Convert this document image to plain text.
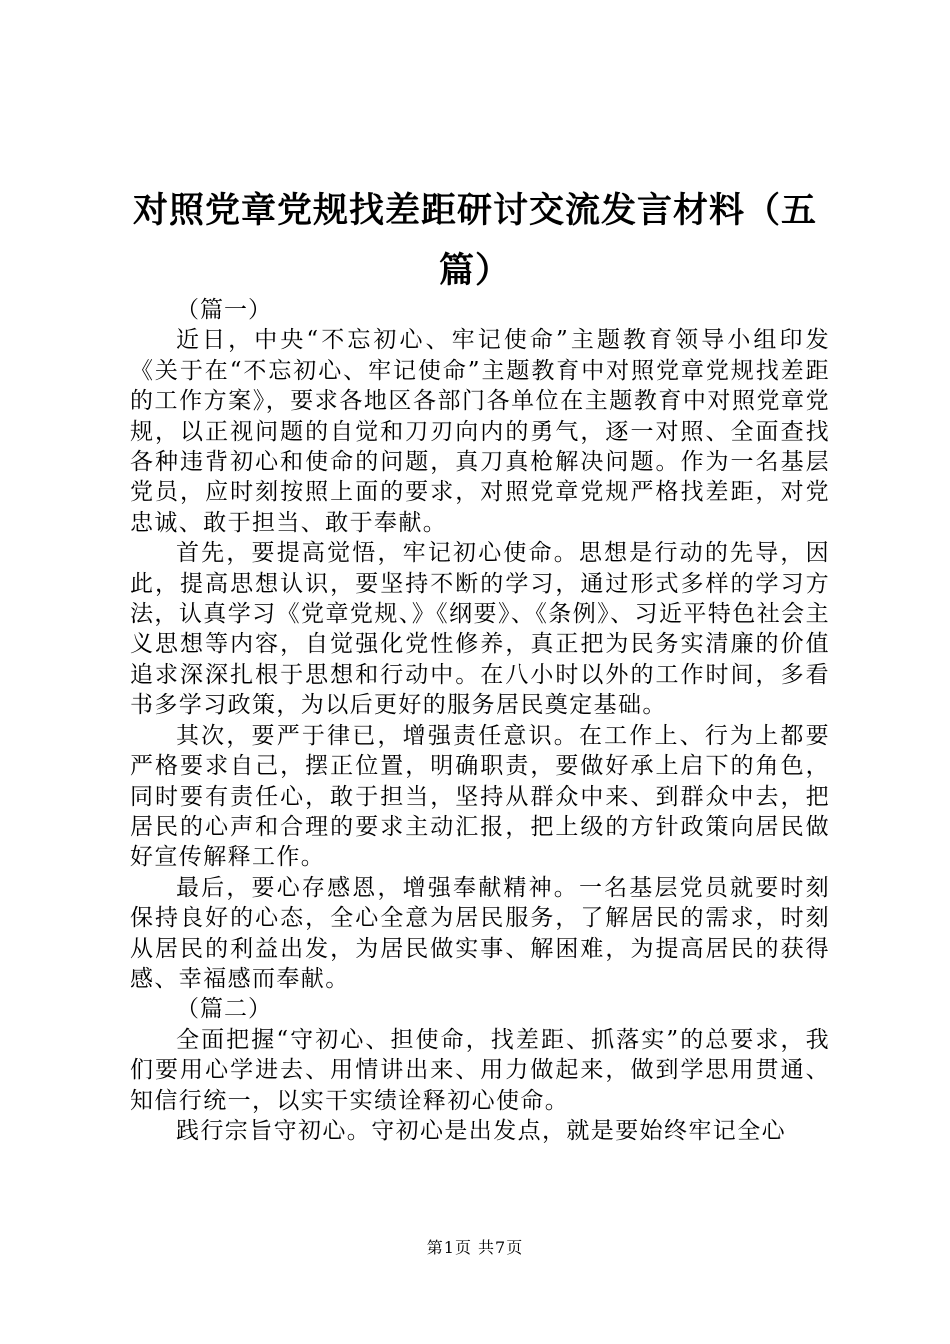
对照党章党规找差距研讨交流发言材料（五篇）

（篇一）

近日，中央“不忘初心、牢记使命”主题教育领导小组印发《关于在“不忘初心、牢记使命”主题教育中对照党章党规找差距的工作方案》，要求各地区各部门各单位在主题教育中对照党章党规，以正视问题的自觉和刀刃向内的勇气，逐一对照、全面查找各种违背初心和使命的问题，真刀真枪解决问题。作为一名基层党员，应时刻按照上面的要求，对照党章党规严格找差距，对党忠诚、敢于担当、敢于奉献。

首先，要提高觉悟，牢记初心使命。思想是行动的先导，因此，提高思想认识，要坚持不断的学习，通过形式多样的学习方法，认真学习《党章党规、》《纲要》、《条例》、习近平特色社会主义思想等内容，自觉强化党性修养，真正把为民务实清廉的价值追求深深扎根于思想和行动中。在八小时以外的工作时间，多看书多学习政策，为以后更好的服务居民奠定基础。

其次，要严于律已，增强责任意识。在工作上、行为上都要严格要求自己，摆正位置，明确职责，要做好承上启下的角色，同时要有责任心，敢于担当，坚持从群众中来、到群众中去，把居民的心声和合理的要求主动汇报，把上级的方针政策向居民做好宣传解释工作。

最后，要心存感恩，增强奉献精神。一名基层党员就要时刻保持良好的心态，全心全意为居民服务，了解居民的需求，时刻从居民的利益出发，为居民做实事、解困难，为提高居民的获得感、幸福感而奉献。

（篇二）

全面把握“守初心、担使命，找差距、抓落实”的总要求，我们要用心学进去、用情讲出来、用力做起来，做到学思用贯通、知信行统一，以实干实绩诠释初心使命。

践行宗旨守初心。守初心是出发点，就是要始终牢记全心

第1页 共7页
